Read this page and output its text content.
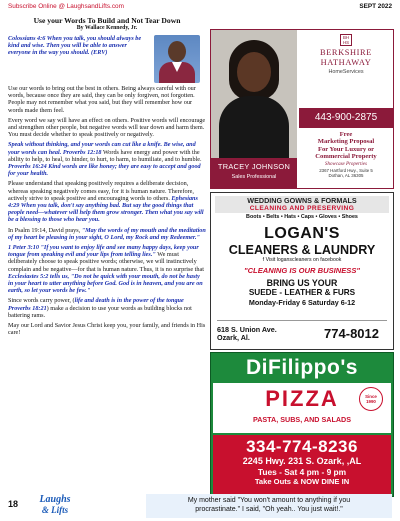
Subscribe Online @ LaughsandLifts.com	SEPT 2022
Use your Words To Build and Not Tear Down
By Wallace Kennedy, Jr.
Colossians 4:6 When you talk, you should always be kind and wise. Then you will be able to answer everyone in the way you should. (ERV)

Use our words to bring out the best in others. Being always careful with our words, because once they are said, they can be only forgiven, not forgotten. People may not remember what you said, but they will remember how our words made them feel.

Every word we say will have an effect on others. Positive words will encourage and strengthen other people, but negative words will tear down and harm them. You must decide whether to speak positively or negatively.

Speak without thinking, and your words can cut like a knife. Be wise, and your words can heal. Proverbs 12:18 Words have energy and power with the ability to help, to heal, to hinder, to hurt, to harm, to humiliate, and to humble. Proverbs 16:24 Kind words are like honey; they are easy to accept and good for your health.

Please understand that speaking positively requires a deliberate decision, whereas speaking negatively comes easy, for it is human nature. Therefore, actively strive to speak positive and encouraging words to others. Ephesians 4:29 When you talk, don't say anything bad. But say the good things that people need—whatever will help them grow stronger. Then what you say will be a blessing to those who hear you.

In Psalm 19:14, David prays, "May the words of my mouth and the meditation of my heart be pleasing in your sight, O Lord, my Rock and my Redeemer."

1 Peter 3:10 "If you want to enjoy life and see many happy days, keep your tongue from speaking evil and your lips from telling lies." We must deliberately choose to speak positive words; otherwise, we will instinctively complain and be negative—for that is human nature. Thus, it is no surprise that Ecclesiastes 5:2 tells us, "Do not be quick with your mouth, do not be hasty in your heart to utter anything before God. God is in heaven, and you are on earth, so let your words be few."

Since words carry power, (life and death is in the power of the tongue Proverbs 18:21) make a decision to use your words as building blocks not battering rams.

May our Lord and Savior Jesus Christ keep you, your family, and friends in His care!

TRACEY JOHNSON
Sales Professional
BH HS
BERKSHIRE
HATHAWAY
HomeServices
443-900-2875
Free
Marketing Proposal
For Your Luxury or
Commercial Property
Showcase Properties
2367 Hartford Hwy., Suite 5
Dothan, AL 36305
WEDDING GOWNS & FORMALS
CLEANING AND PRESERVING
Boots • Belts • Hats • Caps • Gloves • Shoes
LOGAN'S
CLEANERS & LAUNDRY
f Visit loganscleaners on facebook
"CLEANING IS OUR BUSINESS"
BRING US YOUR
SUEDE - LEATHER & FURS
Monday-Friday 6 Saturday 6-12
618 S. Union Ave.
Ozark, Al.	774-8012
DiFilippo's
PIZZA	Since
1990
PASTA, SUBS, AND SALADS
334-774-8236
2245 Hwy. 231 S. Ozark, ,AL
Tues - Sat 4 pm - 9 pm
Take Outs & NOW DINE IN
18	Laughs
& Lifts
My mother said "You won't amount to anything if you
procrastinate." I said, "Oh yeah.. You just wait!."
